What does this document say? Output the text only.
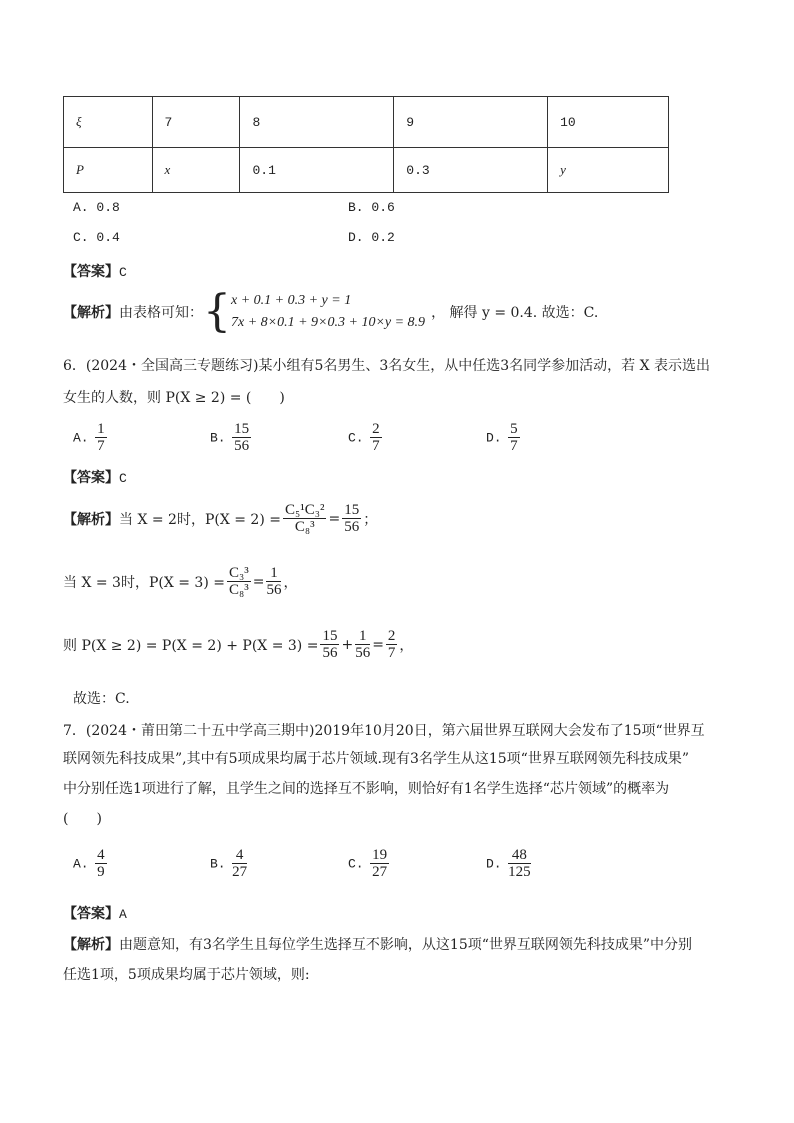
ξ	7	8	9	10
P	x	0.1	0.3	y
A. 0.8	B. 0.6
C. 0.4	D. 0.2
【答案】C
【解析】 由表格可知： { x + 0.1 + 0.3 + y = 1
7x + 8×0.1 + 9×0.3 + 10×y = 8.9
， 解得 y = 0.4. 故选：C.
6．(2024・全国高三专题练习)某小组有5名男生、3名女生，从中任选3名同学参加活动，若 X 表示选出
女生的人数，则 P(X ≥ 2) = (　　)
A. $\frac{1}{7}$	B. $\frac{15}{56}$	C. $\frac{2}{7}$	D. $\frac{5}{7}$
【答案】C
【解析】 当 X = 2时，$P(X = 2) = \frac{\text{C₅¹C₃²}}{\text{C₈³}} = \frac{15}{56}$ ；
当 X = 3时，$P(X = 3) = \frac{\text{C₃³}}{\text{C₈³}} = \frac{1}{56}$ ，
则 $P(X \ge 2) = P(X = 2) + P(X = 3) = \frac{15}{56} + \frac{1}{56} = \frac{2}{7}$ ，
故选：C.
7．(2024・莆田第二十五中学高三期中)2019年10月20日，第六届世界互联网大会发布了15项“世界互
联网领先科技成果”,其中有5项成果均属于芯片领域.现有3名学生从这15项“世界互联网领先科技成果”
中分别任选1项进行了解，且学生之间的选择互不影响，则恰好有1名学生选择“芯片领域”的概率为
(　　)
A. $\frac{4}{9}$	B. $\frac{4}{27}$	C. $\frac{19}{27}$	D. $\frac{48}{125}$
【答案】A
【解析】由题意知，有3名学生且每位学生选择互不影响，从这15项“世界互联网领先科技成果”中分别
任选1项，5项成果均属于芯片领域，则:
